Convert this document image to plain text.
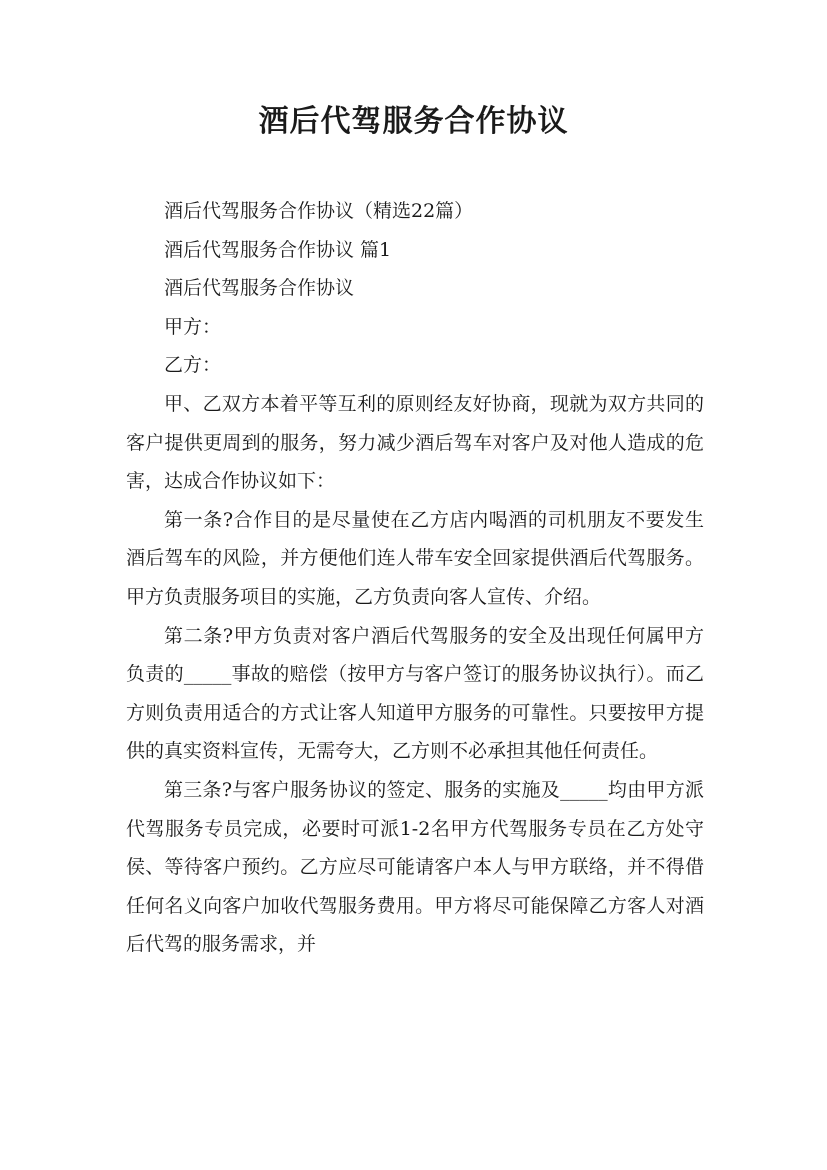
酒后代驾服务合作协议

酒后代驾服务合作协议（精选22篇）

酒后代驾服务合作协议 篇1

酒后代驾服务合作协议

甲方：

乙方：

甲、乙双方本着平等互利的原则经友好协商，现就为双方共同的客户提供更周到的服务，努力减少酒后驾车对客户及对他人造成的危害，达成合作协议如下：

第一条?合作目的是尽量使在乙方店内喝酒的司机朋友不要发生酒后驾车的风险，并方便他们连人带车安全回家提供酒后代驾服务。甲方负责服务项目的实施，乙方负责向客人宣传、介绍。

第二条?甲方负责对客户酒后代驾服务的安全及出现任何属甲方负责的_____事故的赔偿（按甲方与客户签订的服务协议执行）。而乙方则负责用适合的方式让客人知道甲方服务的可靠性。只要按甲方提供的真实资料宣传，无需夸大，乙方则不必承担其他任何责任。

第三条?与客户服务协议的签定、服务的实施及_____均由甲方派代驾服务专员完成，必要时可派1-2名甲方代驾服务专员在乙方处守侯、等待客户预约。乙方应尽可能请客户本人与甲方联络，并不得借任何名义向客户加收代驾服务费用。甲方将尽可能保障乙方客人对酒后代驾的服务需求，并
